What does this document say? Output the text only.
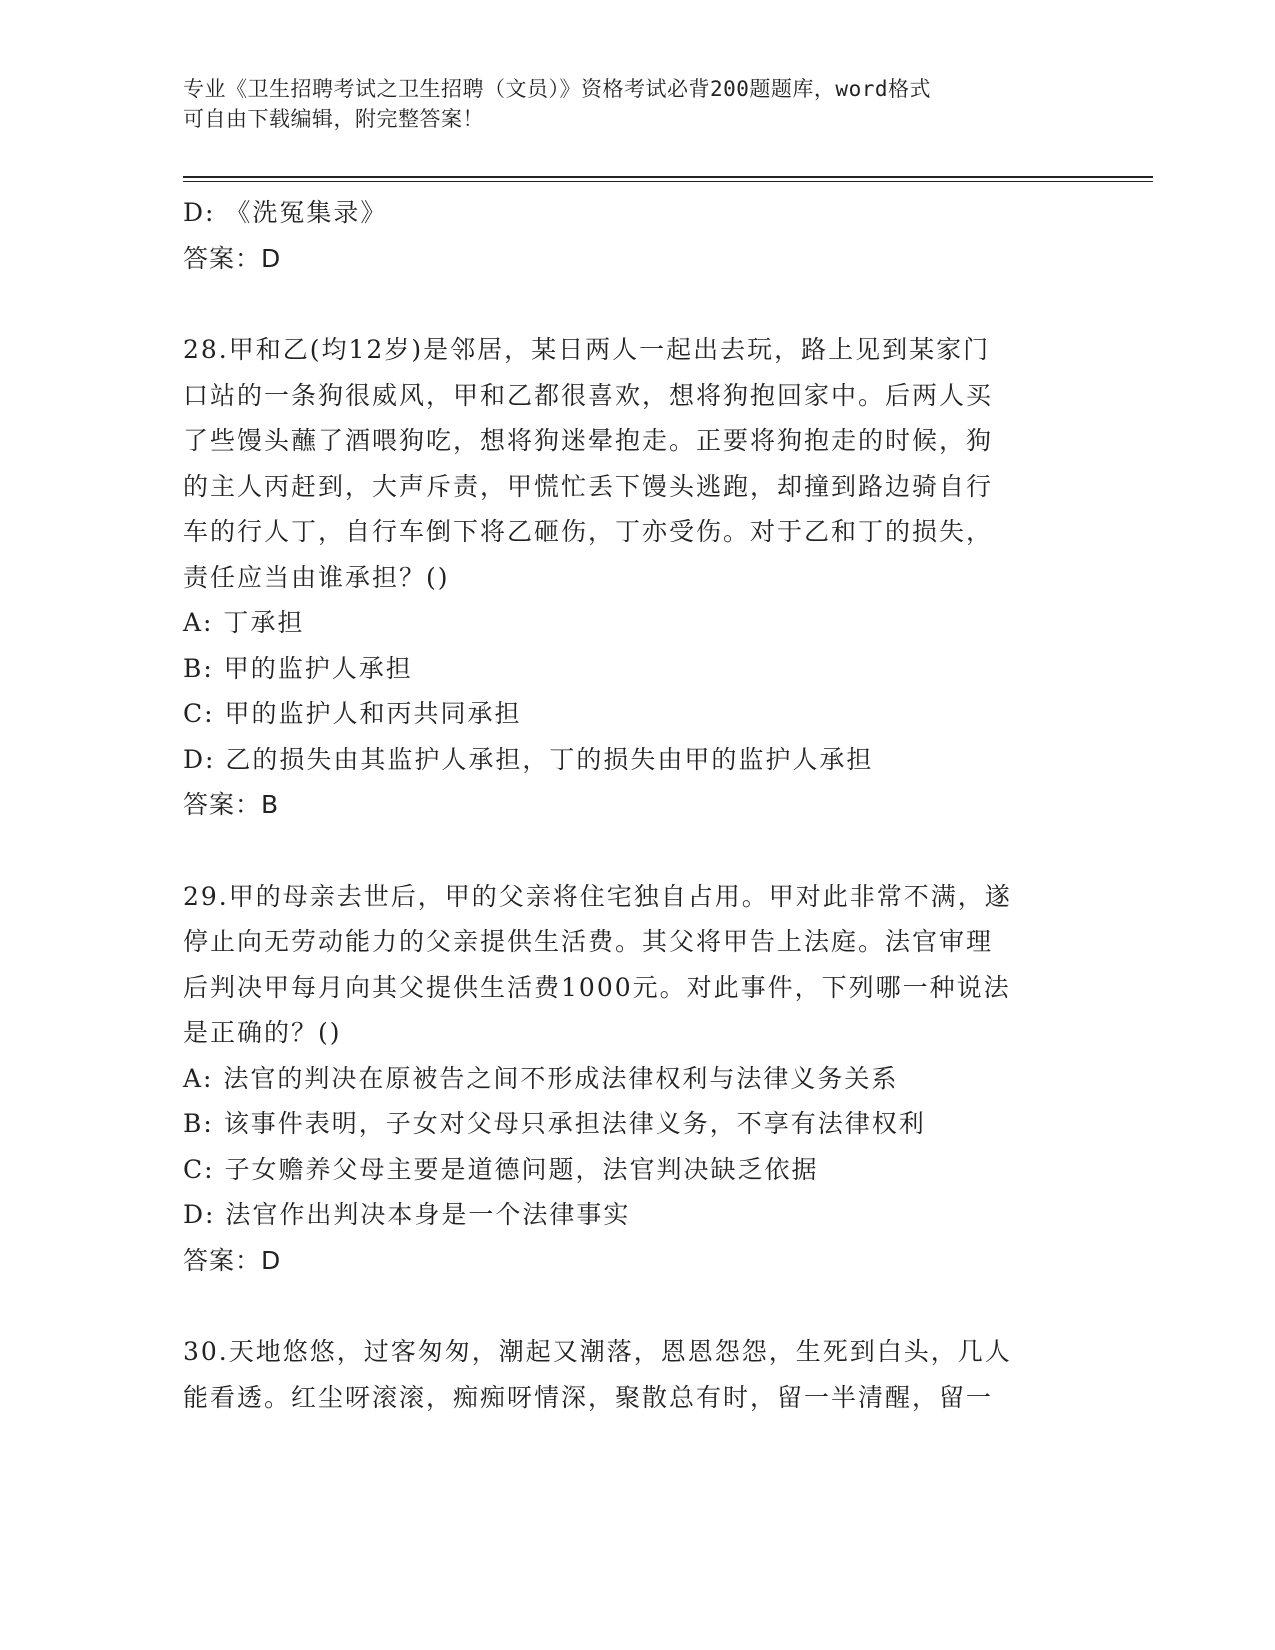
专业《卫生招聘考试之卫生招聘（文员）》资格考试必背200题题库，word格式
可自由下载编辑，附完整答案！
D: 《洗冤集录》
答案：D
28.甲和乙(均12岁)是邻居，某日两人一起出去玩，路上见到某家门
口站的一条狗很威风，甲和乙都很喜欢，想将狗抱回家中。后两人买
了些馒头蘸了酒喂狗吃，想将狗迷晕抱走。正要将狗抱走的时候，狗
的主人丙赶到，大声斥责，甲慌忙丢下馒头逃跑，却撞到路边骑自行
车的行人丁，自行车倒下将乙砸伤，丁亦受伤。对于乙和丁的损失，
责任应当由谁承担？()
A: 丁承担
B: 甲的监护人承担
C: 甲的监护人和丙共同承担
D: 乙的损失由其监护人承担，丁的损失由甲的监护人承担
答案：B
29.甲的母亲去世后，甲的父亲将住宅独自占用。甲对此非常不满，遂
停止向无劳动能力的父亲提供生活费。其父将甲告上法庭。法官审理
后判决甲每月向其父提供生活费1000元。对此事件，下列哪一种说法
是正确的？()
A: 法官的判决在原被告之间不形成法律权利与法律义务关系
B: 该事件表明，子女对父母只承担法律义务，不享有法律权利
C: 子女赡养父母主要是道德问题，法官判决缺乏依据
D: 法官作出判决本身是一个法律事实
答案：D
30.天地悠悠，过客匆匆，潮起又潮落，恩恩怨怨，生死到白头，几人
能看透。红尘呀滚滚，痴痴呀情深，聚散总有时，留一半清醒，留一
